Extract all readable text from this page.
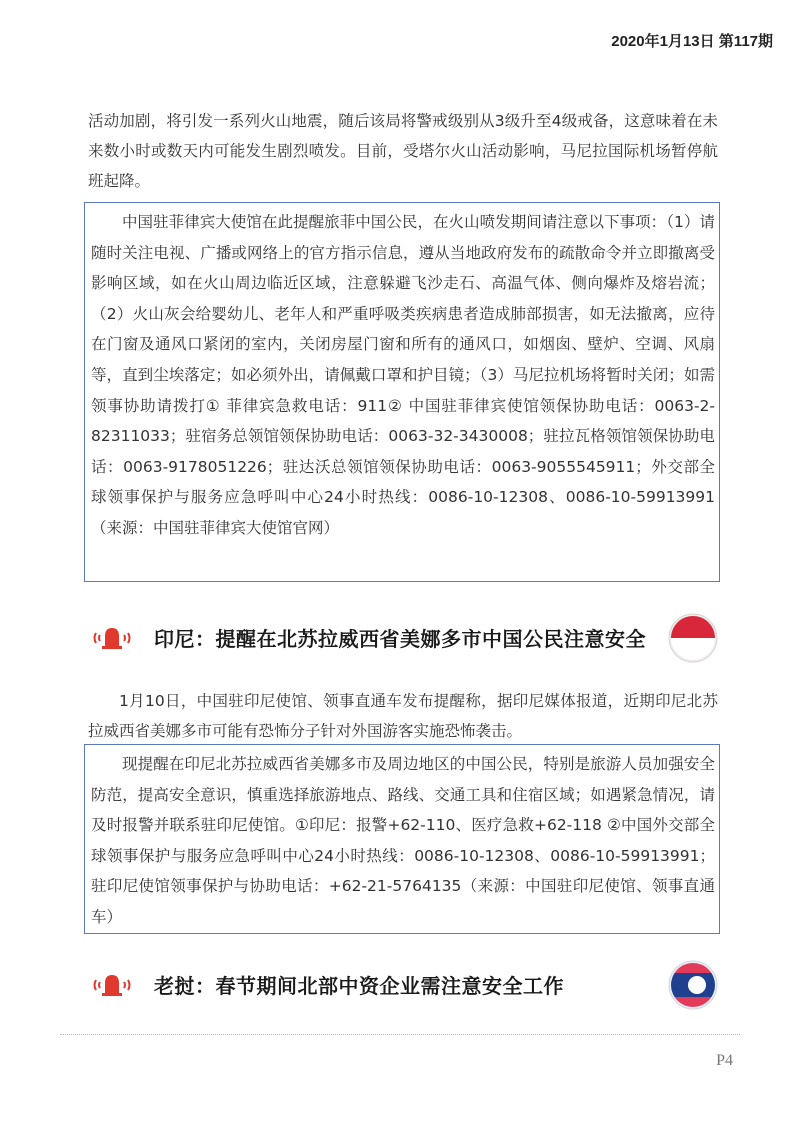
2020年1月13日 第117期

活动加剧，将引发一系列火山地震，随后该局将警戒级别从3级升至4级戒备，这意味着在未来数小时或数天内可能发生剧烈喷发。目前，受塔尔火山活动影响，马尼拉国际机场暂停航班起降。

中国驻菲律宾大使馆在此提醒旅菲中国公民，在火山喷发期间请注意以下事项：（1）请随时关注电视、广播或网络上的官方指示信息，遵从当地政府发布的疏散命令并立即撤离受影响区域，如在火山周边临近区域，注意躲避飞沙走石、高温气体、侧向爆炸及熔岩流；（2）火山灰会给婴幼儿、老年人和严重呼吸类疾病患者造成肺部损害，如无法撤离，应待在门窗及通风口紧闭的室内，关闭房屋门窗和所有的通风口，如烟囱、壁炉、空调、风扇等，直到尘埃落定；如必须外出，请佩戴口罩和护目镜；（3）马尼拉机场将暂时关闭；如需领事协助请拨打① 菲律宾急救电话：911② 中国驻菲律宾使馆领保协助电话：0063-2-82311033；驻宿务总领馆领保协助电话：0063-32-3430008；驻拉瓦格领馆领保协助电话：0063-9178051226；驻达沃总领馆领保协助电话：0063-9055545911；外交部全球领事保护与服务应急呼叫中心24小时热线：0086-10-12308、0086-10-59913991（来源：中国驻菲律宾大使馆官网）

印尼：提醒在北苏拉威西省美娜多市中国公民注意安全

1月10日，中国驻印尼使馆、领事直通车发布提醒称，据印尼媒体报道，近期印尼北苏拉威西省美娜多市可能有恐怖分子针对外国游客实施恐怖袭击。

现提醒在印尼北苏拉威西省美娜多市及周边地区的中国公民，特别是旅游人员加强安全防范，提高安全意识，慎重选择旅游地点、路线、交通工具和住宿区域；如遇紧急情况，请及时报警并联系驻印尼使馆。①印尼：报警+62-110、医疗急救+62-118 ②中国外交部全球领事保护与服务应急呼叫中心24小时热线：0086-10-12308、0086-10-59913991；驻印尼使馆领事保护与协助电话：+62-21-5764135（来源：中国驻印尼使馆、领事直通车）

老挝：春节期间北部中资企业需注意安全工作
P4
